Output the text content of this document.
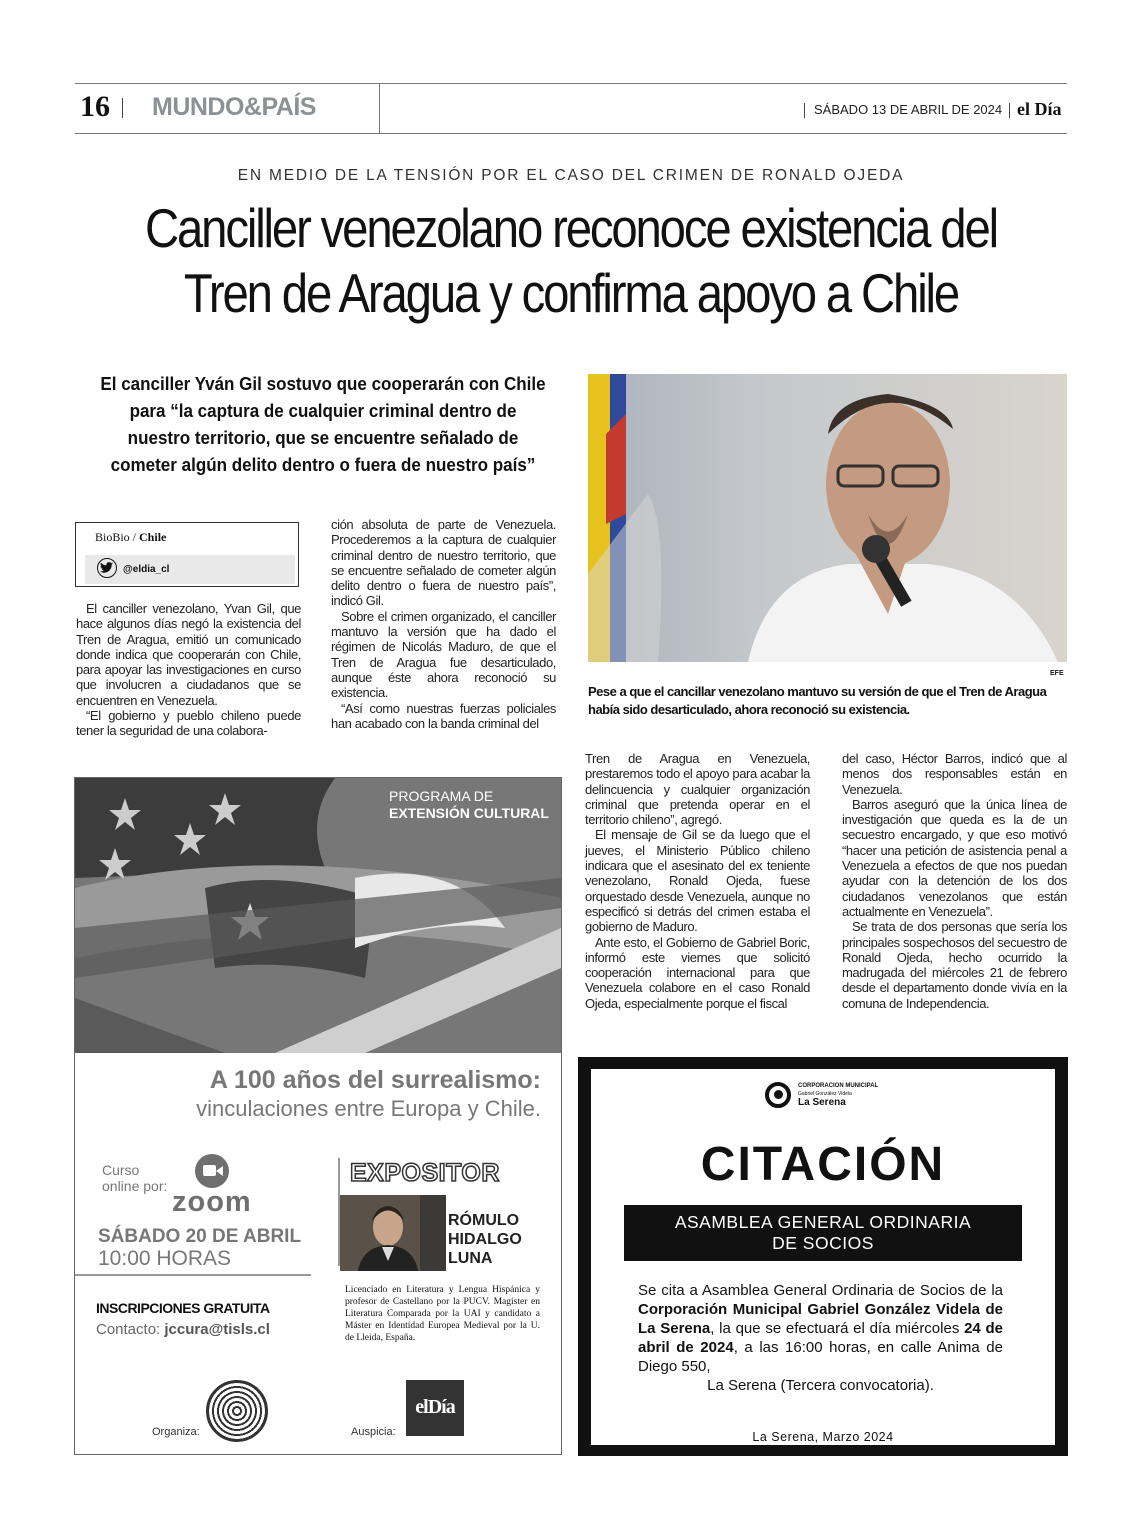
16 MUNDO&PAÍS	SÁBADO 13 DE ABRIL DE 2024 el Día
EN MEDIO DE LA TENSIÓN POR EL CASO DEL CRIMEN DE RONALD OJEDA
Canciller venezolano reconoce existencia del
Tren de Aragua y confirma apoyo a Chile
El canciller Yván Gil sostuvo que cooperarán con Chile para “la captura de cualquier criminal dentro de nuestro territorio, que se encuentre señalado de cometer algún delito dentro o fuera de nuestro país”
BioBio / Chile
@eldia_cl

El canciller venezolano, Yvan Gil, que hace algunos días negó la existencia del Tren de Aragua, emitió un comunicado donde indica que cooperarán con Chile, para apoyar las investigaciones en curso que involucren a ciudadanos que se encuentren en Venezuela.

“El gobierno y pueblo chileno puede tener la seguridad de una colabora-

ción absoluta de parte de Venezuela. Procederemos a la captura de cualquier criminal dentro de nuestro territorio, que se encuentre señalado de cometer algún delito dentro o fuera de nuestro país”, indicó Gil.

Sobre el crimen organizado, el canciller mantuvo la versión que ha dado el régimen de Nicolás Maduro, de que el Tren de Aragua fue desarticulado, aunque éste ahora reconoció su existencia.

“Así como nuestras fuerzas policiales han acabado con la banda criminal del

Tren de Aragua en Venezuela, prestaremos todo el apoyo para acabar la delincuencia y cualquier organización criminal que pretenda operar en el territorio chileno”, agregó.

El mensaje de Gil se da luego que el jueves, el Ministerio Público chileno indicara que el asesinato del ex teniente venezolano, Ronald Ojeda, fuese orquestado desde Venezuela, aunque no especificó si detrás del crimen estaba el gobierno de Maduro.

Ante esto, el Gobierno de Gabriel Boric, informó este viernes que solicitó cooperación internacional para que Venezuela colabore en el caso Ronald Ojeda, especialmente porque el fiscal

del caso, Héctor Barros, indicó que al menos dos responsables están en Venezuela.

Barros aseguró que la única línea de investigación que queda es la de un secuestro encargado, y que eso motivó “hacer una petición de asistencia penal a Venezuela a efectos de que nos puedan ayudar con la detención de los dos ciudadanos venezolanos que están actualmente en Venezuela”.

Se trata de dos personas que sería los principales sospechosos del secuestro de Ronald Ojeda, hecho ocurrido la madrugada del miércoles 21 de febrero desde el departamento donde vivía en la comuna de Independencia.

EFE
Pese a que el cancillar venezolano mantuvo su versión de que el Tren de Aragua había sido desarticulado, ahora reconoció su existencia.
PROGRAMA DE
EXTENSIÓN CULTURAL
A 100 años del surrealismo:
vinculaciones entre Europa y Chile.
Curso
online por: zoom
SÁBADO 20 DE ABRIL
10:00 HORAS
EXPOSITOR
RÓMULO
HIDALGO
LUNA
Licenciado en Literatura y Lengua Hispánica y profesor de Castellano por la PUCV. Magíster en Literatura Comparada por la UAI y candidato a Máster en Identidad Europea Medieval por la U. de Lleida, España.
INSCRIPCIONES GRATUITA
Contacto: jccura@tisls.cl
Organiza:	Auspicia:
elDía
CORPORACION MUNICIPAL
Gabriel González Videla
La Serena
CITACIÓN
ASAMBLEA GENERAL ORDINARIA
DE SOCIOS
Se cita a Asamblea General Ordinaria de Socios de la Corporación Municipal Gabriel González Videla de La Serena, la que se efectuará el día miércoles 24 de abril de 2024, a las 16:00 horas, en calle Anima de Diego 550,
La Serena (Tercera convocatoria).
La Serena, Marzo 2024
